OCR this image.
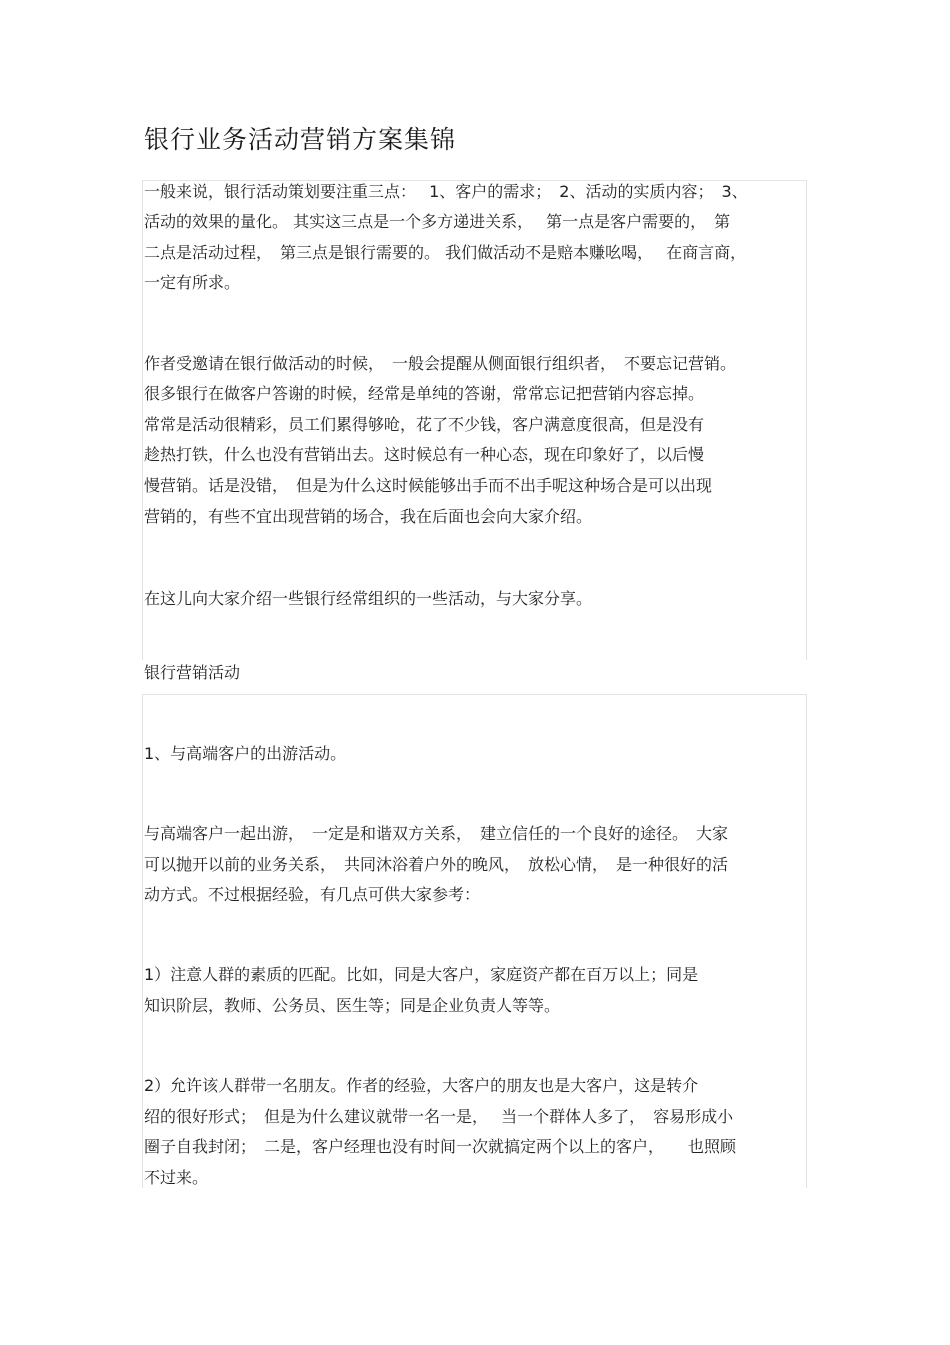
银行业务活动营销方案集锦
一般来说，银行活动策划要注重三点：　 1、客户的需求；　2、活动的实质内容；　3、
活动的效果的量化。 其实这三点是一个多方递进关系，　 第一点是客户需要的，　第
二点是活动过程，　第三点是银行需要的。 我们做活动不是赔本赚吆喝，　 在商言商，
一定有所求。
作者受邀请在银行做活动的时候，　一般会提醒从侧面银行组织者，　不要忘记营销。
很多银行在做客户答谢的时候，经常是单纯的答谢，常常忘记把营销内容忘掉。
常常是活动很精彩，员工们累得够呛，花了不少钱，客户满意度很高，但是没有
趁热打铁，什么也没有营销出去。这时候总有一种心态，现在印象好了，以后慢
慢营销。话是没错，　但是为什么这时候能够出手而不出手呢这种场合是可以出现
营销的，有些不宜出现营销的场合，我在后面也会向大家介绍。
在这儿向大家介绍一些银行经常组织的一些活动，与大家分享。
银行营销活动
1、与高端客户的出游活动。
与高端客户一起出游，　一定是和谐双方关系，　建立信任的一个良好的途径。　大家
可以抛开以前的业务关系，　共同沐浴着户外的晚风，　放松心情，　是一种很好的活
动方式。不过根据经验，有几点可供大家参考：
1）注意人群的素质的匹配。比如，同是大客户，家庭资产都在百万以上；同是
知识阶层，教师、公务员、医生等；同是企业负责人等等。
2）允许该人群带一名朋友。作者的经验，大客户的朋友也是大客户，这是转介
绍的很好形式；　但是为什么建议就带一名一是，　 当一个群体人多了，　容易形成小
圈子自我封闭；　二是，客户经理也没有时间一次就搞定两个以上的客户，　　也照顾
不过来。
